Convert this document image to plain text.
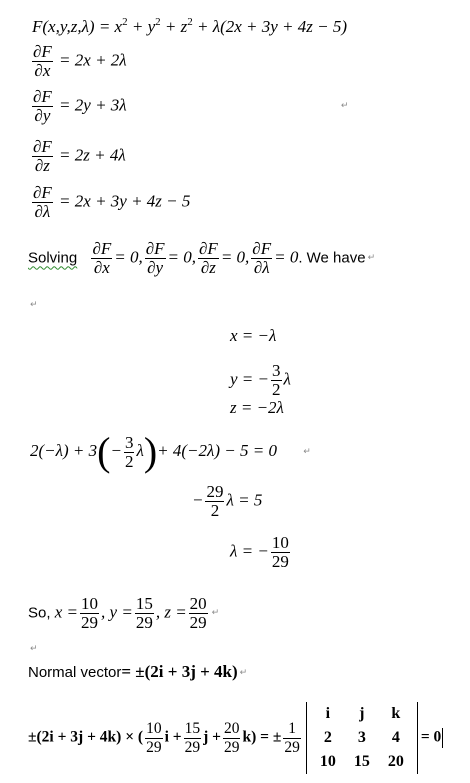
$F(x,y,z,\lambda) = x^2 + y^2 + z^2 + \lambda(2x + 3y + 4z - 5)$
$\frac{\partial F}{\partial x} = 2x + 2\lambda$
$\frac{\partial F}{\partial y} = 2y + 3\lambda$	↵
$\frac{\partial F}{\partial z} = 2z + 4\lambda$
$\frac{\partial F}{\partial\lambda} = 2x + 3y + 4z - 5$
Solving $\frac{\partial F}{\partial x} = 0$, $\frac{\partial F}{\partial y} = 0$, $\frac{\partial F}{\partial z} = 0$, $\frac{\partial F}{\partial\lambda} = 0$. We have ↵
↵
x = −λ
y = − $\frac{3}{2}$ λ
z = −2λ
$2(-\lambda) + 3(- \frac{3}{2} \lambda)+ 4(-2\lambda) - 5 = 0$	↵
− $\frac{29}{2}$ λ = 5
λ = − $\frac{10}{29}$
So, $x = \frac{10}{29}$ , $y = \frac{15}{29}$ , $z = \frac{20}{29}$ ↵
↵
Normal vector= ±(2i + 3j + 4k) ↵
±(2i + 3j + 4k) × ( $\frac{10}{29}$ $i + \frac{15}{29}$ $j + \frac{20}{29} k$) = ± $\frac{1}{29}$
i	j	k
2	3	4
10	15	20
= 0
